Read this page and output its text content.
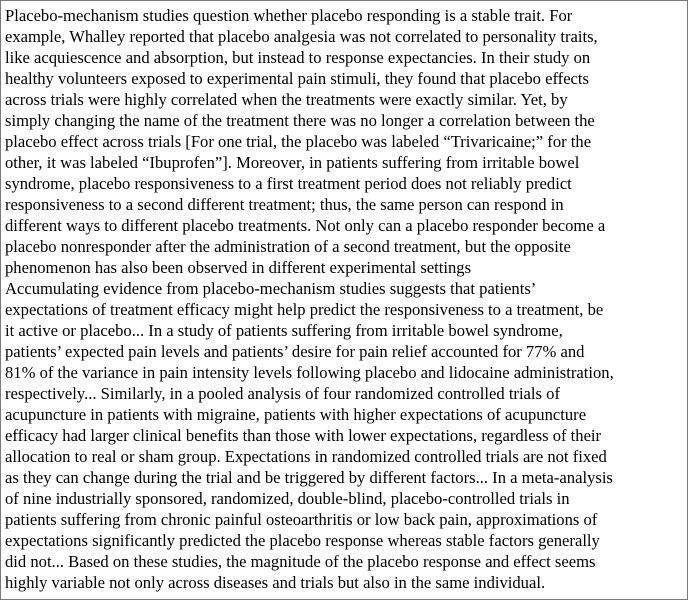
Placebo-mechanism studies question whether placebo responding is a stable trait. For
example, Whalley reported that placebo analgesia was not correlated to personality traits,
like acquiescence and absorption, but instead to response expectancies. In their study on
healthy volunteers exposed to experimental pain stimuli, they found that placebo effects
across trials were highly correlated when the treatments were exactly similar. Yet, by
simply changing the name of the treatment there was no longer a correlation between the
placebo effect across trials [For one trial, the placebo was labeled “Trivaricaine;” for the
other, it was labeled “Ibuprofen”]. Moreover, in patients suffering from irritable bowel
syndrome, placebo responsiveness to a first treatment period does not reliably predict
responsiveness to a second different treatment; thus, the same person can respond in
different ways to different placebo treatments. Not only can a placebo responder become a
placebo nonresponder after the administration of a second treatment, but the opposite
phenomenon has also been observed in different experimental settings
Accumulating evidence from placebo-mechanism studies suggests that patients’
expectations of treatment efficacy might help predict the responsiveness to a treatment, be
it active or placebo... In a study of patients suffering from irritable bowel syndrome,
patients’ expected pain levels and patients’ desire for pain relief accounted for 77% and
81% of the variance in pain intensity levels following placebo and lidocaine administration,
respectively... Similarly, in a pooled analysis of four randomized controlled trials of
acupuncture in patients with migraine, patients with higher expectations of acupuncture
efficacy had larger clinical benefits than those with lower expectations, regardless of their
allocation to real or sham group. Expectations in randomized controlled trials are not fixed
as they can change during the trial and be triggered by different factors... In a meta-analysis
of nine industrially sponsored, randomized, double-blind, placebo-controlled trials in
patients suffering from chronic painful osteoarthritis or low back pain, approximations of
expectations significantly predicted the placebo response whereas stable factors generally
did not... Based on these studies, the magnitude of the placebo response and effect seems
highly variable not only across diseases and trials but also in the same individual.
